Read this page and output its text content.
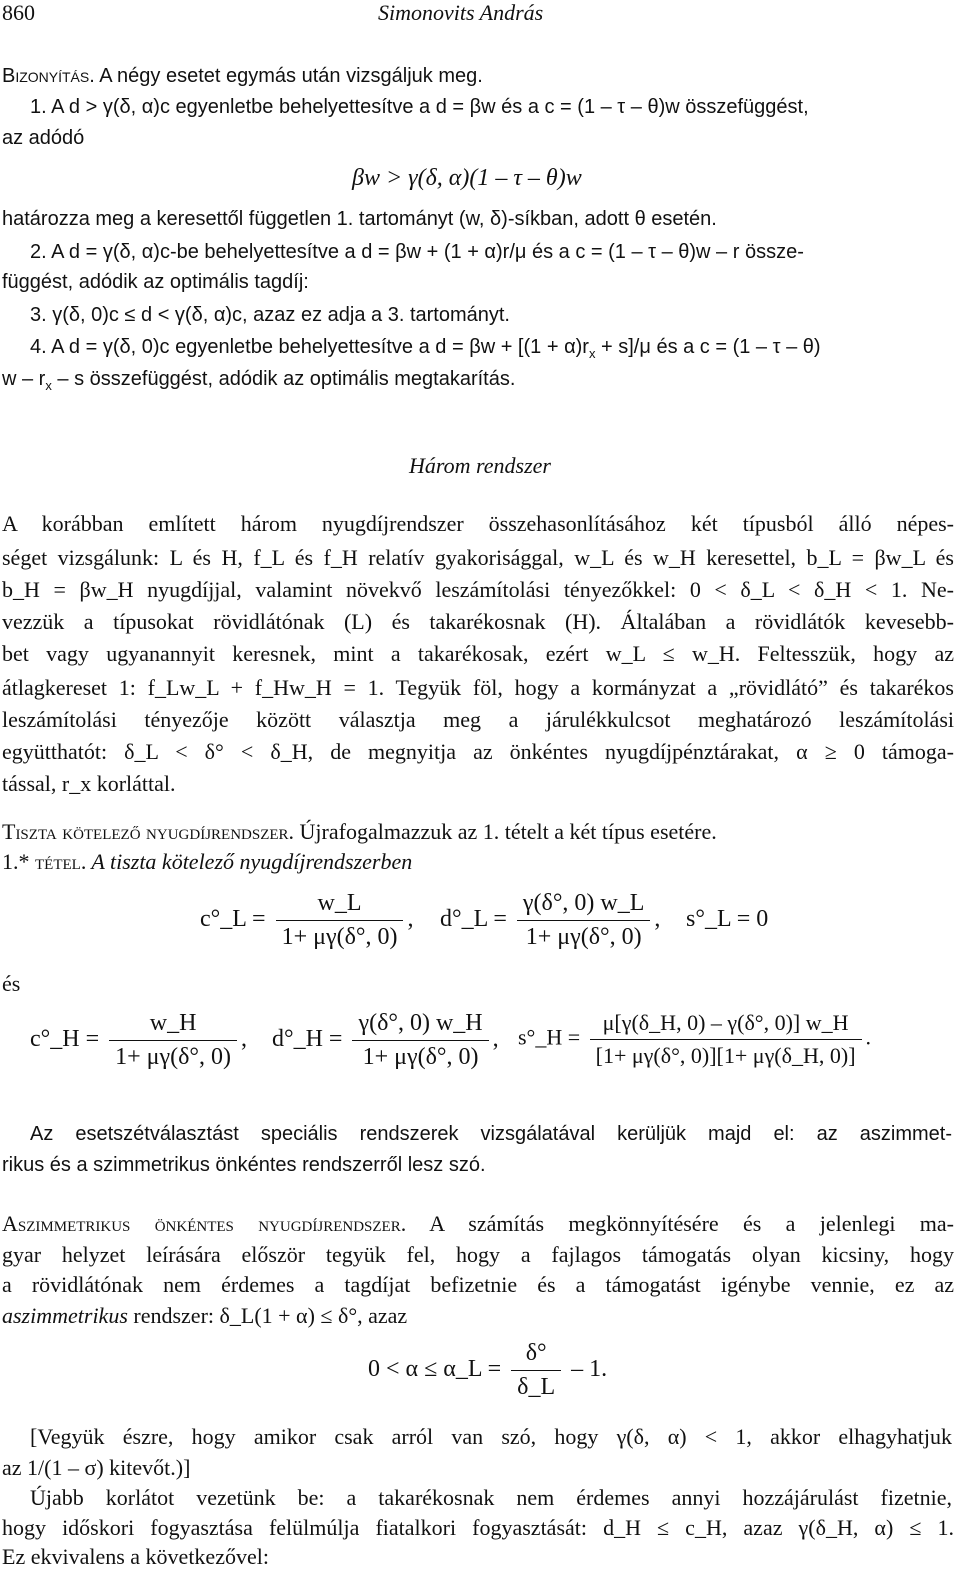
860	Simonovits András
Bizonyítás. A négy esetet egymás után vizsgáljuk meg.
1. A d > γ(δ, α)c egyenletbe behelyettesítve a d = βw és a c = (1 – τ – θ)w összefüggést,
az adódó
βw > γ(δ, α)(1 – τ – θ)w
határozza meg a keresettől független 1. tartományt (w, δ)-síkban, adott θ esetén.
2. A d = γ(δ, α)c-be behelyettesítve a d = βw + (1 + α)r/μ és a c = (1 – τ – θ)w – r össze-
függést, adódik az optimális tagdíj:
3. γ(δ, 0)c ≤ d < γ(δ, α)c, azaz ez adja a 3. tartományt.
4. A d = γ(δ, 0)c egyenletbe behelyettesítve a $d = \beta w + [(1 + \alpha)r_x + s]/\mu$ és a c = (1 – τ – θ)
w – $r_x$ – s összefüggést, adódik az optimális megtakarítás.
Három rendszer
A korábban említett három nyugdíjrendszer összehasonlításához két típusból álló népes-
séget vizsgálunk: L és H, f_L és f_H relatív gyakorisággal, w_L és w_H keresettel, b_L = βw_L és
b_H = βw_H nyugdíjjal, valamint növekvő leszámítolási tényezőkkel: 0 < δ_L < δ_H < 1. Ne-
vezzük a típusokat rövidlátónak (L) és takarékosnak (H). Általában a rövidlátók kevesebb-
bet vagy ugyanannyit keresnek, mint a takarékosak, ezért w_L ≤ w_H. Feltesszük, hogy az
átlagkereset 1: f_Lw_L + f_Hw_H = 1. Tegyük föl, hogy a kormányzat a „rövidlátó” és takarékos
leszámítolási tényezője között választja meg a járulékkulcsot meghatározó leszámítolási
együtthatót: δ_L < δ° < δ_H, de megnyitja az önkéntes nyugdíjpénztárakat, α ≥ 0 támoga-
tással, r_x korláttal.
Tiszta kötelező nyugdíjrendszer. Újrafogalmazzuk az 1. tételt a két típus esetére.
1.* tétel. A tiszta kötelező nyugdíjrendszerben
c°_L = $\frac{w\_L}{1+ \mu\gamma(\delta^\circ, 0)}$ , d°_L = $\frac{\gamma(\delta^\circ, 0) w\_L}{1+ \mu\gamma(\delta^\circ, 0)}$ , s°_L = 0
és
c°_H = $\frac{w\_H}{1+ \mu\gamma(\delta^\circ, 0)}$ , d°_H = $\frac{\gamma(\delta^\circ, 0) w\_H}{1+ \mu\gamma(\delta^\circ, 0)}$ , s°_H = $\frac{\mu[\gamma(\delta\_H, 0) - \gamma(\delta^\circ, 0)] w\_H}{[1+ \mu\gamma(\delta^\circ, 0)][1+ \mu\gamma(\delta\_H, 0)]}$ .
Az esetszétválasztást speciális rendszerek vizsgálatával kerüljük majd el: az aszimmet-
rikus és a szimmetrikus önkéntes rendszerről lesz szó.
Aszimmetrikus önkéntes nyugdíjrendszer. A számítás megkönnyítésére és a jelenlegi ma-
gyar helyzet leírására először tegyük fel, hogy a fajlagos támogatás olyan kicsiny, hogy
a rövidlátónak nem érdemes a tagdíjat befizetnie és a támogatást igénybe vennie, ez az
aszimmetrikus rendszer: δ_L(1 + α) ≤ δ°, azaz
0 < α ≤ α_L = $\frac{\delta^\circ}{\delta\_L} - 1$.
[Vegyük észre, hogy amikor csak arról van szó, hogy γ(δ, α) < 1, akkor elhagyhatjuk
az 1/(1 – σ) kitevőt.)]
Újabb korlátot vezetünk be: a takarékosnak nem érdemes annyi hozzájárulást fizetnie,
hogy időskori fogyasztása felülmúlja fiatalkori fogyasztását: d_H ≤ c_H, azaz γ(δ_H, α) ≤ 1.
Ez ekvivalens a következővel:
